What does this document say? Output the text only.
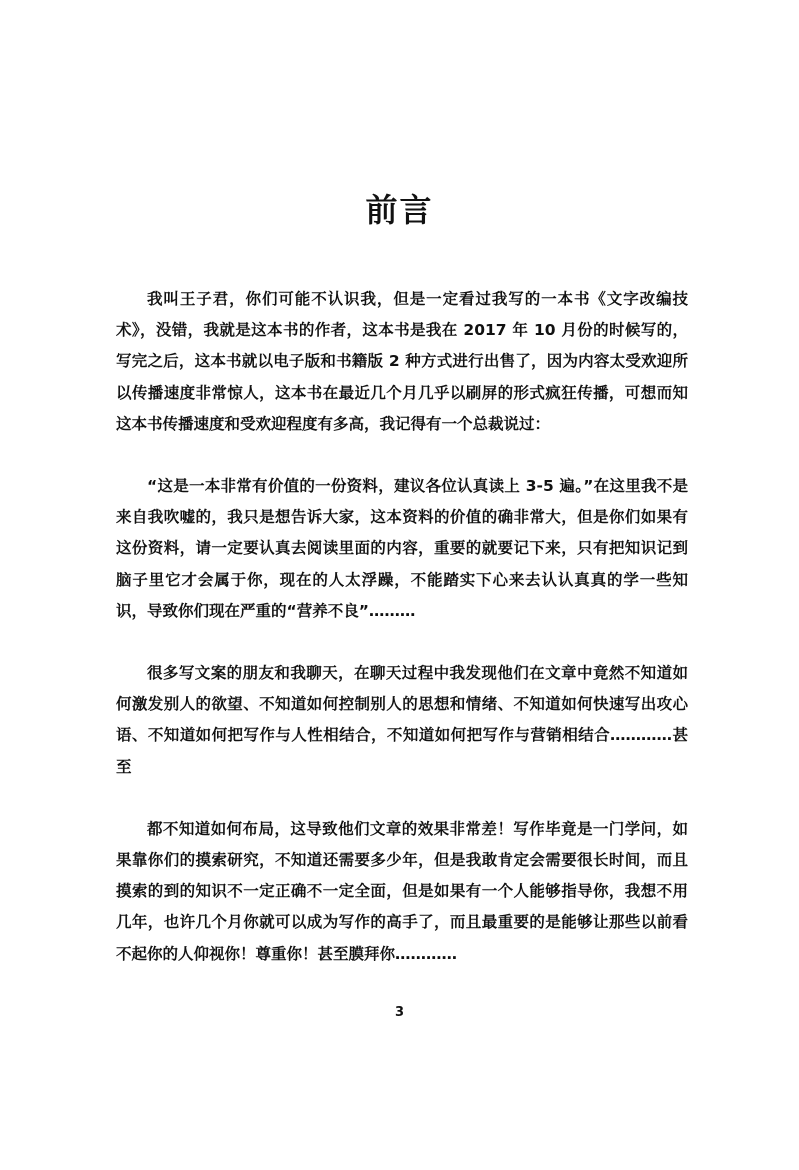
前言

我叫王子君，你们可能不认识我，但是一定看过我写的一本书《文字改编技术》，没错，我就是这本书的作者，这本书是我在 2017 年 10 月份的时候写的，写完之后，这本书就以电子版和书籍版 2 种方式进行出售了，因为内容太受欢迎所以传播速度非常惊人，这本书在最近几个月几乎以刷屏的形式疯狂传播，可想而知这本书传播速度和受欢迎程度有多高，我记得有一个总裁说过：

“这是一本非常有价值的一份资料，建议各位认真读上 3-5 遍。”在这里我不是来自我吹嘘的，我只是想告诉大家，这本资料的价值的确非常大，但是你们如果有这份资料，请一定要认真去阅读里面的内容，重要的就要记下来，只有把知识记到脑子里它才会属于你，现在的人太浮躁，不能踏实下心来去认认真真的学一些知识，导致你们现在严重的“营养不良”………

很多写文案的朋友和我聊天，在聊天过程中我发现他们在文章中竟然不知道如何激发别人的欲望、不知道如何控制别人的思想和情绪、不知道如何快速写出攻心语、不知道如何把写作与人性相结合，不知道如何把写作与营销相结合…………甚至

都不知道如何布局，这导致他们文章的效果非常差！写作毕竟是一门学问，如果靠你们的摸索研究，不知道还需要多少年，但是我敢肯定会需要很长时间，而且摸索的到的知识不一定正确不一定全面，但是如果有一个人能够指导你，我想不用几年，也许几个月你就可以成为写作的高手了，而且最重要的是能够让那些以前看不起你的人仰视你！尊重你！甚至膜拜你…………

3
